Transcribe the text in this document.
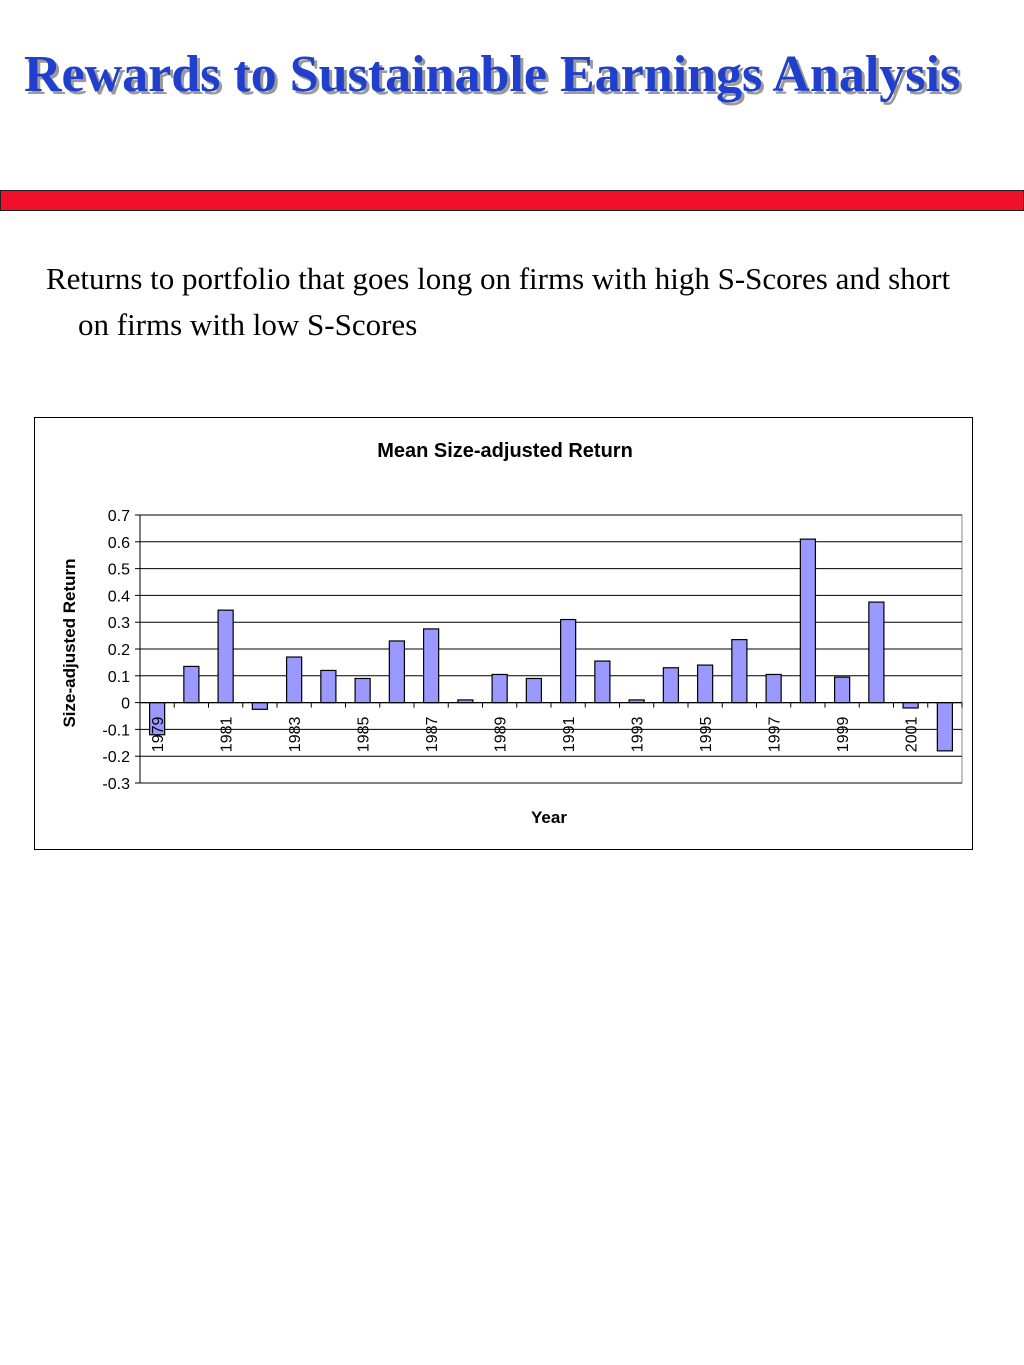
Rewards to Sustainable Earnings Analysis

Returns to portfolio that goes long on firms with high S-Scores and short on firms with low S-Scores

Mean Size-adjusted Return
Size-adjusted Return
Year
0.7
0.6
0.5
0.4
0.3
0.2
0.1
0
-0.1
-0.2
-0.3
1979	1981	1983	1985	1987	1989	1991	1993	1995	1997	1999	2001
